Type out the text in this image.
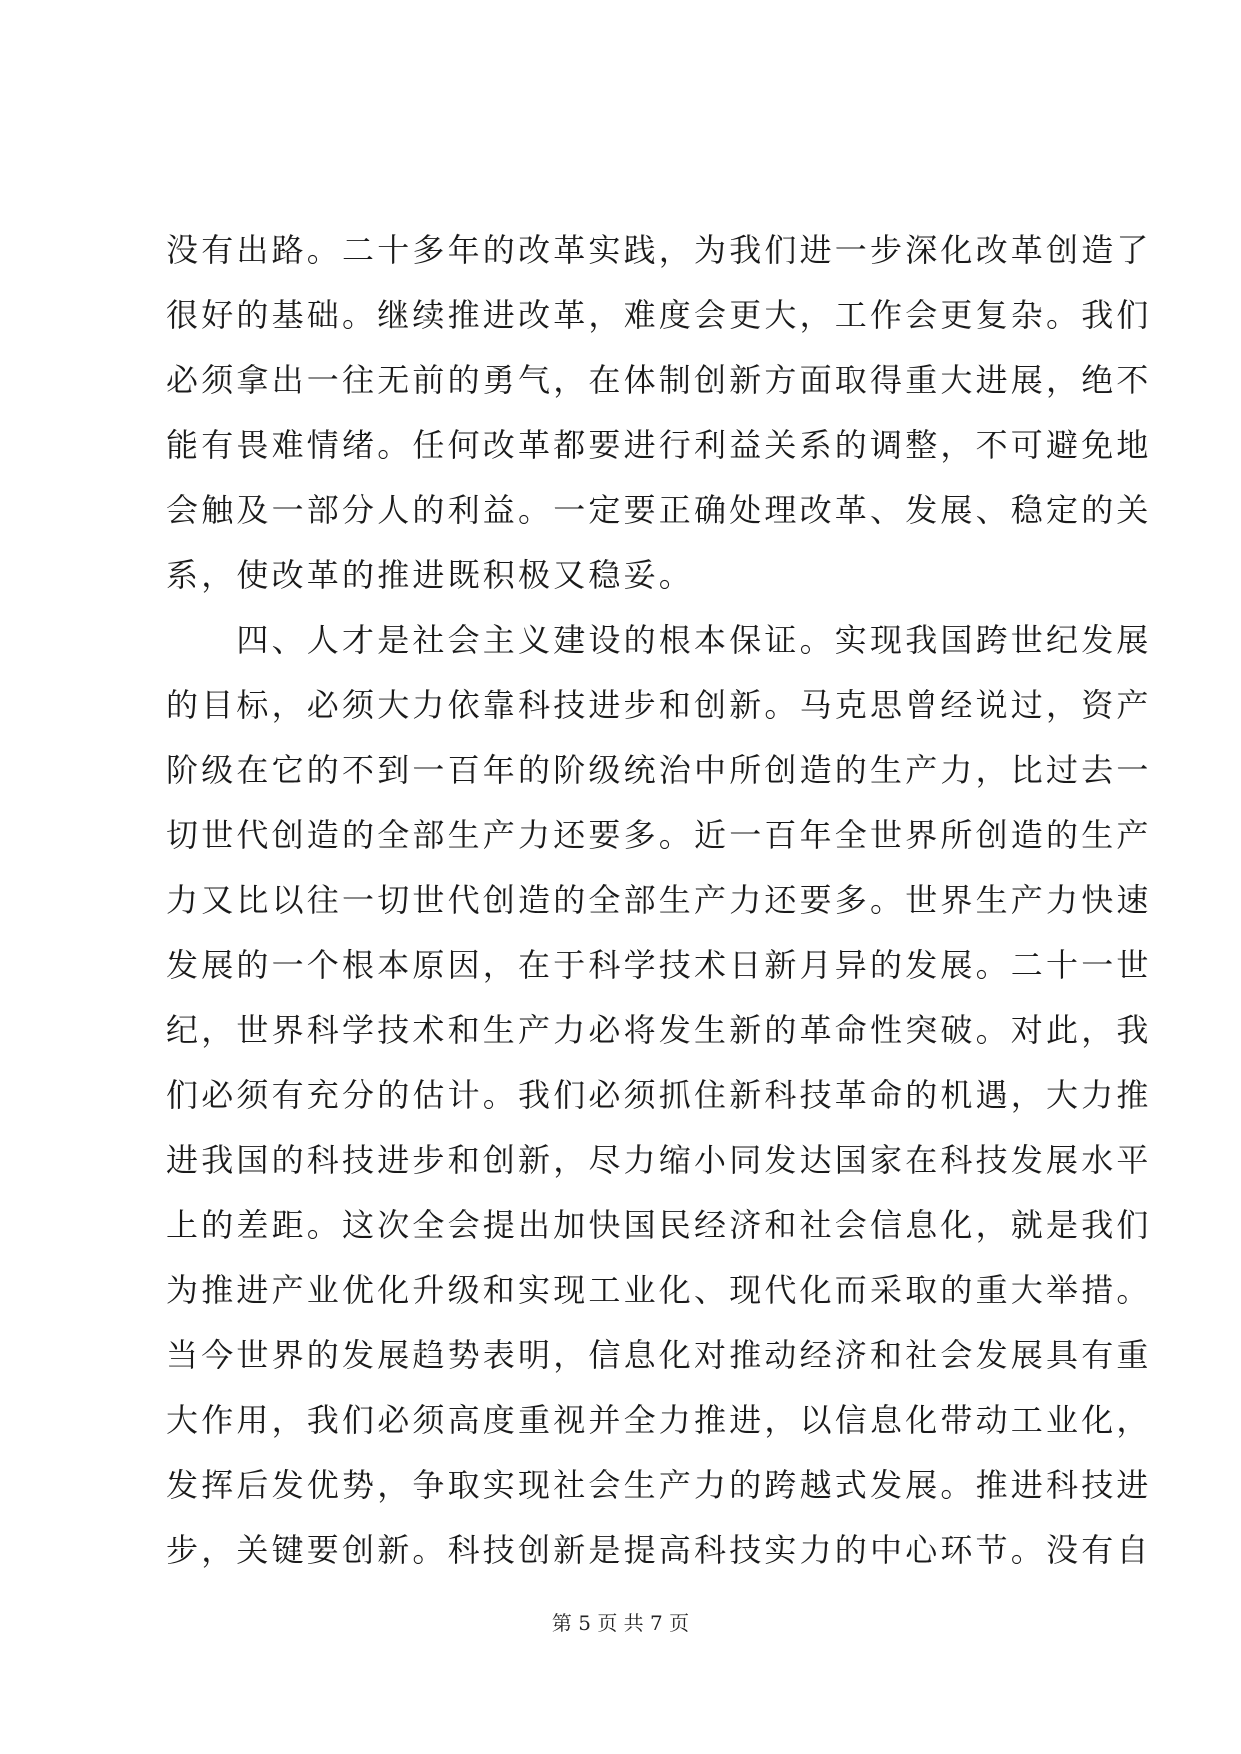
没有出路。二十多年的改革实践，为我们进一步深化改革创造了
很好的基础。继续推进改革，难度会更大，工作会更复杂。我们
必须拿出一往无前的勇气，在体制创新方面取得重大进展，绝不
能有畏难情绪。任何改革都要进行利益关系的调整，不可避免地
会触及一部分人的利益。一定要正确处理改革、发展、稳定的关
系，使改革的推进既积极又稳妥。
　　四、人才是社会主义建设的根本保证。实现我国跨世纪发展
的目标，必须大力依靠科技进步和创新。马克思曾经说过，资产
阶级在它的不到一百年的阶级统治中所创造的生产力，比过去一
切世代创造的全部生产力还要多。近一百年全世界所创造的生产
力又比以往一切世代创造的全部生产力还要多。世界生产力快速
发展的一个根本原因，在于科学技术日新月异的发展。二十一世
纪，世界科学技术和生产力必将发生新的革命性突破。对此，我
们必须有充分的估计。我们必须抓住新科技革命的机遇，大力推
进我国的科技进步和创新，尽力缩小同发达国家在科技发展水平
上的差距。这次全会提出加快国民经济和社会信息化，就是我们
为推进产业优化升级和实现工业化、现代化而采取的重大举措。
当今世界的发展趋势表明，信息化对推动经济和社会发展具有重
大作用，我们必须高度重视并全力推进，以信息化带动工业化，
发挥后发优势，争取实现社会生产力的跨越式发展。推进科技进
步，关键要创新。科技创新是提高科技实力的中心环节。没有自
第 5 页 共 7 页
